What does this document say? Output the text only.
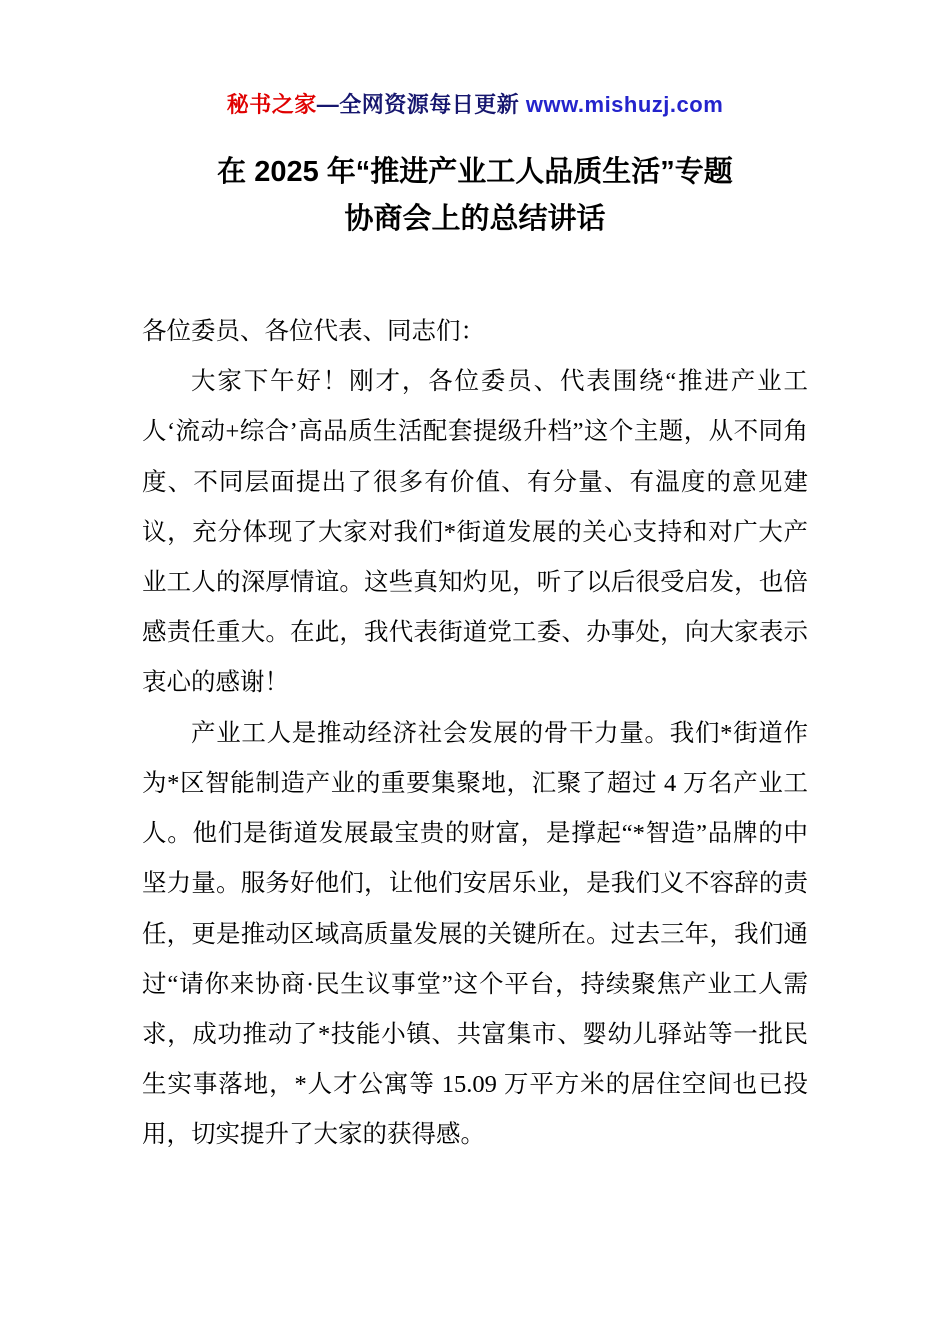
秘书之家—全网资源每日更新 www.mishuzj.com
在 2025 年“推进产业工人品质生活”专题
协商会上的总结讲话

各位委员、各位代表、同志们：

大家下午好！刚才，各位委员、代表围绕“推进产业工人‘流动+综合’高品质生活配套提级升档”这个主题，从不同角度、不同层面提出了很多有价值、有分量、有温度的意见建议，充分体现了大家对我们*街道发展的关心支持和对广大产业工人的深厚情谊。这些真知灼见，听了以后很受启发，也倍感责任重大。在此，我代表街道党工委、办事处，向大家表示衷心的感谢！

产业工人是推动经济社会发展的骨干力量。我们*街道作为*区智能制造产业的重要集聚地，汇聚了超过 4 万名产业工人。他们是街道发展最宝贵的财富，是撑起“*智造”品牌的中坚力量。服务好他们，让他们安居乐业，是我们义不容辞的责任，更是推动区域高质量发展的关键所在。过去三年，我们通过“请你来协商·民生议事堂”这个平台，持续聚焦产业工人需求，成功推动了*技能小镇、共富集市、婴幼儿驿站等一批民生实事落地，*人才公寓等 15.09 万平方米的居住空间也已投用，切实提升了大家的获得感。
